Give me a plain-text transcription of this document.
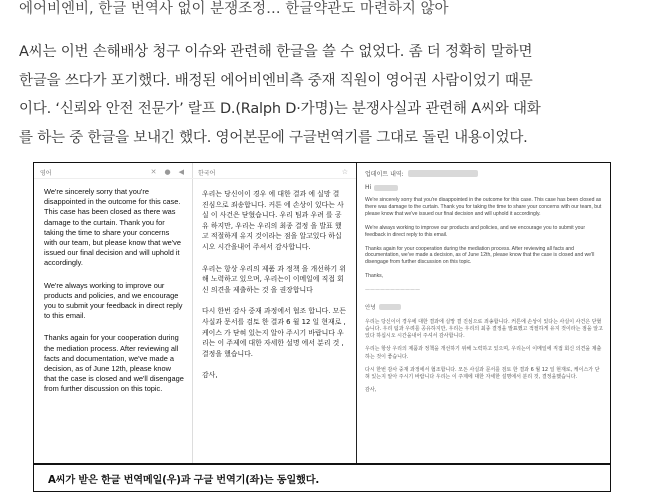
에어비엔비, 한글 번역사 없이 분쟁조정… 한글약관도 마련하지 않아
A씨는 이번 손해배상 청구 이슈와 관련해 한글을 쓸 수 없었다. 좀 더 정확히 말하면
한글을 쓰다가 포기했다. 배정된 에어비엔비측 중재 직원이 영어권 사람이었기 때문
이다. ‘신뢰와 안전 전문가’ 랄프 D.(Ralph D·가명)는 분쟁사실과 관련해 A씨와 대화
를 하는 중 한글을 보내긴 했다. 영어본문에 구글번역기를 그대로 돌린 내용이었다.
영어	✕ ● ◀

We're sincerely sorry that you're disappointed in the outcome for this case. This case has been closed as there was damage to the curtain. Thank you for taking the time to share your concerns with our team, but please know that we've issued our final decision and will uphold it accordingly.

We're always working to improve our products and policies, and we encourage you to submit your feedback in direct reply to this email.

Thanks again for your cooperation during the mediation process. After reviewing all facts and documentation, we've made a decision, as of June 12th, please know that the case is closed and we'll disengage from further discussion on this topic.

한국어	☆

우리는 당신이이 경우 에 대한 결과 에 실망 결 진심으로 죄송합니다. 커튼 에 손상이 있다는 사실 이 사건은 닫혔습니다. 우리 팀과 우려 를 공유 하지만, 우리는 우리의 최종 결정 을 발표 했고 적절하게 유지 것이라는 점을 알고있다 하십시오 시간을내어 주셔서 감사합니다.

우리는 항상 우리의 제품 과 정책 을 개선하기 위해 노력하고 있으며, 우리는이 이메일에 직접 회신 의견을 제출하는 것 을 권장합니다

다시 한번 감사 중재 과정에서 협조 합니다. 모든 사실과 문서를 검토 한 결과 6 월 12 일 현재로 , 케이스 가 닫혀 있는지 알아 주시기 바랍니다 우리는 이 주제에 대한 자세한 설명 에서 분리 것 , 결정을 했습니다.

감사,

업데이트 내역:
Hi

We're sincerely sorry that you're disappointed in the outcome for this case. This case has been closed as there was damage to the curtain. Thank you for taking the time to share your concerns with our team, but please know that we've issued our final decision and will uphold it accordingly.

We're always working to improve our products and policies, and we encourage you to submit your feedback in direct reply to this email.

Thanks again for your cooperation during the mediation process. After reviewing all facts and documentation, we've made a decision, as of June 12th, please know that the case is closed and we'll disengage from further discussion on this topic.

Thanks,

———————————
안녕

우리는 당신이이 경우에 대한 결과에 실망 결 진심으로 죄송합니다. 커튼에 손상이 있다는 사실이 사건은 닫혔습니다. 우리 팀과 우려를 공유하지만, 우리는 우리의 최종 결정을 발표했고 적절하게 유지 것이라는 점을 알고있다 하십시오 시간을내어 주셔서 감사합니다.

우리는 항상 우리의 제품과 정책을 개선하기 위해 노력하고 있으며, 우리는이 이메일에 직접 회신 의견을 제출하는 것이 좋습니다.

다시 한번 감사 중재 과정에서 협조합니다. 모든 사실과 문서를 검토 한 결과 6 월 12 일 현재로, 케이스가 닫혀 있는지 알아 주시기 바랍니다 우리는 이 주제에 대한 자세한 설명에서 분리 것, 결정을했습니다.

감사,

A씨가 받은 한글 번역메일(우)과 구글 번역기(좌)는 동일했다.
